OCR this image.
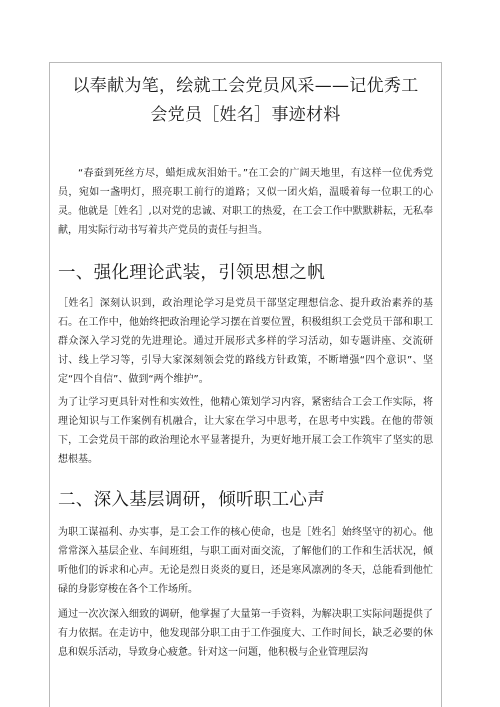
以奉献为笔，绘就工会党员风采——记优秀工
会党员［姓名］事迹材料

“春蚕到死丝方尽，蜡炬成灰泪始干。”在工会的广阔天地里，有这样一位优秀党员，宛如一盏明灯，照亮职工前行的道路；又似一团火焰，温暖着每一位职工的心灵。他就是［姓名］,以对党的忠诚、对职工的热爱，在工会工作中默默耕耘，无私奉献，用实际行动书写着共产党员的责任与担当。

一、强化理论武装，引领思想之帆

［姓名］深刻认识到，政治理论学习是党员干部坚定理想信念、提升政治素养的基石。在工作中，他始终把政治理论学习摆在首要位置，积极组织工会党员干部和职工群众深入学习党的先进理论。通过开展形式多样的学习活动，如专题讲座、交流研讨、线上学习等，引导大家深刻领会党的路线方针政策，不断增强“四个意识”、坚定“四个自信”、做到“两个维护”。

为了让学习更具针对性和实效性，他精心策划学习内容，紧密结合工会工作实际，将理论知识与工作案例有机融合，让大家在学习中思考，在思考中实践。在他的带领下，工会党员干部的政治理论水平显著提升，为更好地开展工会工作筑牢了坚实的思想根基。

二、深入基层调研，倾听职工心声

为职工谋福利、办实事，是工会工作的核心使命，也是［姓名］始终坚守的初心。他常常深入基层企业、车间班组，与职工面对面交流，了解他们的工作和生活状况，倾听他们的诉求和心声。无论是烈日炎炎的夏日，还是寒风凛冽的冬天，总能看到他忙碌的身影穿梭在各个工作场所。

通过一次次深入细致的调研，他掌握了大量第一手资料，为解决职工实际问题提供了有力依据。在走访中，他发现部分职工由于工作强度大、工作时间长，缺乏必要的休息和娱乐活动，导致身心疲惫。针对这一问题，他积极与企业管理层沟
